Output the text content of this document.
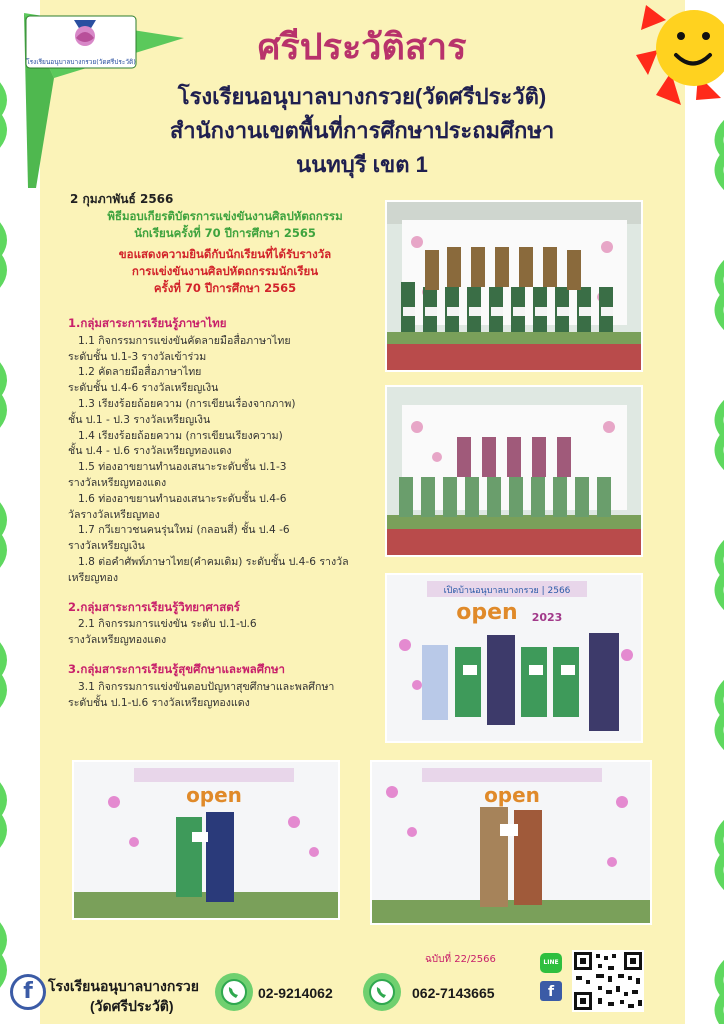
โรงเรียนอนุบาลบางกรวย(วัดศรีประวัติ)	ศรีประวัติสาร
โรงเรียนอนุบาลบางกรวย(วัดศรีประวัติ)
สำนักงานเขตพื้นที่การศึกษาประถมศึกษา
นนทบุรี เขต 1
2 กุมภาพันธ์ 2566
พิธีมอบเกียรติบัตรการแข่งขันงานศิลปหัตถกรรม
นักเรียนครั้งที่ 70 ปีการศึกษา 2565
ขอแสดงความยินดีกับนักเรียนที่ได้รับรางวัล
การแข่งขันงานศิลปหัตถกรรมนักเรียน
ครั้งที่ 70 ปีการศึกษา 2565
1.กลุ่มสาระการเรียนรู้ภาษาไทย
1.1 กิจกรรมการแข่งขันคัดลายมือสื่อภาษาไทย
ระดับชั้น ป.1-3 รางวัลเข้าร่วม
1.2 คัดลายมือสื่อภาษาไทย
ระดับชั้น ป.4-6 รางวัลเหรียญเงิน
1.3 เรียงร้อยถ้อยความ (การเขียนเรื่องจากภาพ)
ชั้น ป.1 - ป.3 รางวัลเหรียญเงิน
1.4 เรียงร้อยถ้อยความ (การเขียนเรียงความ)
ชั้น ป.4 - ป.6 รางวัลเหรียญทองแดง
1.5 ท่องอาขยานทำนองเสนาะระดับชั้น ป.1-3
รางวัลเหรียญทองแดง
1.6 ท่องอาขยานทำนองเสนาะระดับชั้น ป.4-6
วัลรางวัลเหรียญทอง
1.7 กวีเยาวชนคนรุ่นใหม่ (กลอนสี่) ชั้น ป.4 -6
รางวัลเหรียญเงิน
1.8 ต่อคำศัพท์ภาษาไทย(คำคมเดิม) ระดับชั้น ป.4-6 รางวัล
เหรียญทอง
2.กลุ่มสาระการเรียนรู้วิทยาศาสตร์
2.1 กิจกรรมการแข่งขัน ระดับ ป.1-ป.6
รางวัลเหรียญทองแดง
3.กลุ่มสาระการเรียนรู้สุขศึกษาและพลศึกษา
3.1 กิจกรรมการแข่งขันตอบปัญหาสุขศึกษาและพลศึกษา
ระดับชั้น ป.1-ป.6 รางวัลเหรียญทองแดง
เปิดบ้านอนุบาลบางกรวย | 2566
open 2023
open	open
ฉบับที่ 22/2566	LINE
f
f	โรงเรียนอนุบาลบางกรวย
(วัดศรีประวัติ)
02-9214062	062-7143665
